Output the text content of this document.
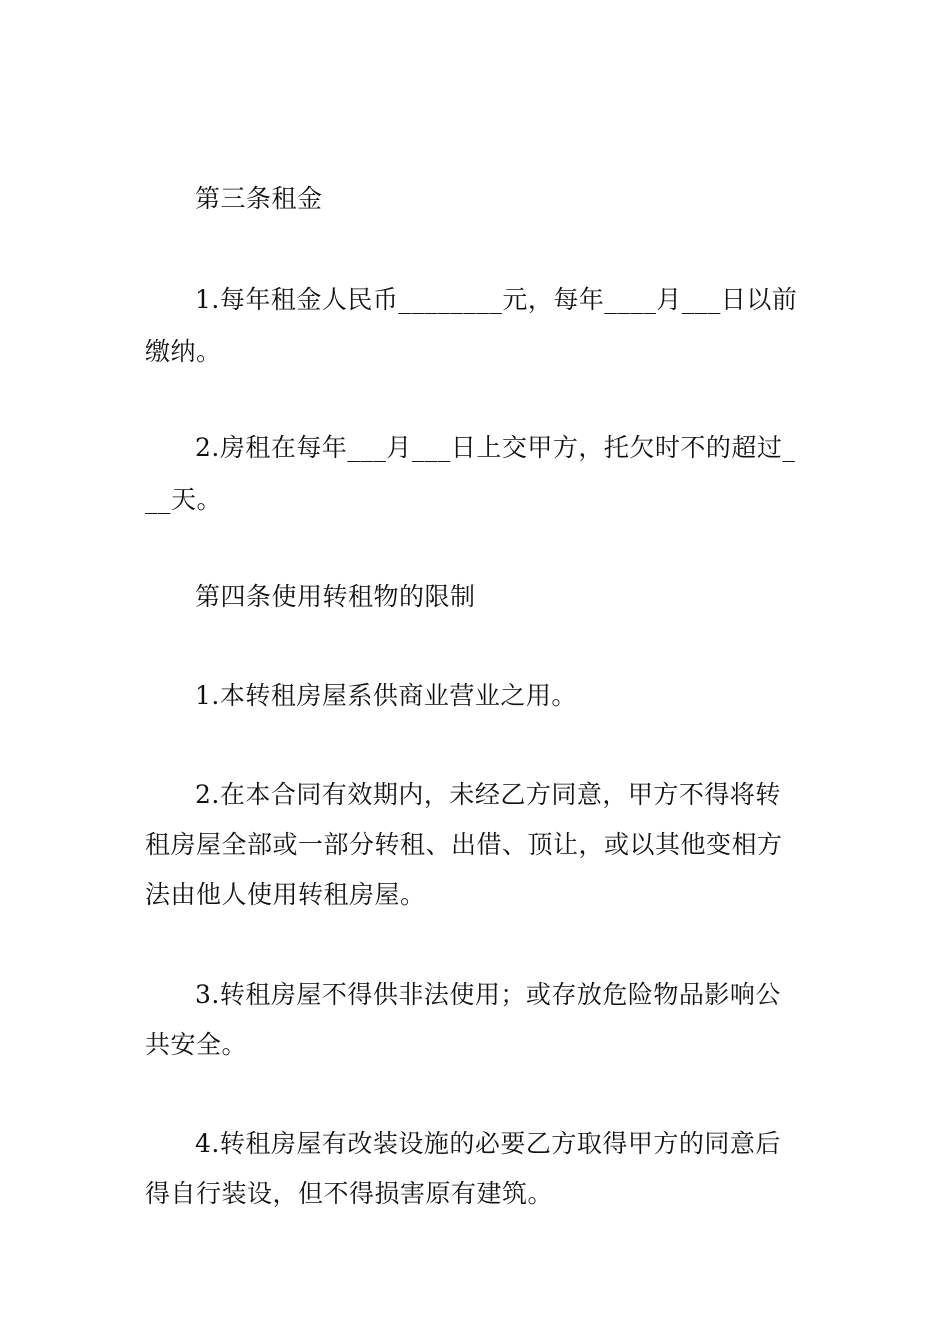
第三条租金
1.每年租金人民币________元，每年____月___日以前
缴纳。
2.房租在每年___月___日上交甲方，托欠时不的超过_
__天。
第四条使用转租物的限制
1.本转租房屋系供商业营业之用。
2.在本合同有效期内，未经乙方同意，甲方不得将转
租房屋全部或一部分转租、出借、顶让，或以其他变相方
法由他人使用转租房屋。
3.转租房屋不得供非法使用；或存放危险物品影响公
共安全。
4.转租房屋有改装设施的必要乙方取得甲方的同意后
得自行装设，但不得损害原有建筑。
